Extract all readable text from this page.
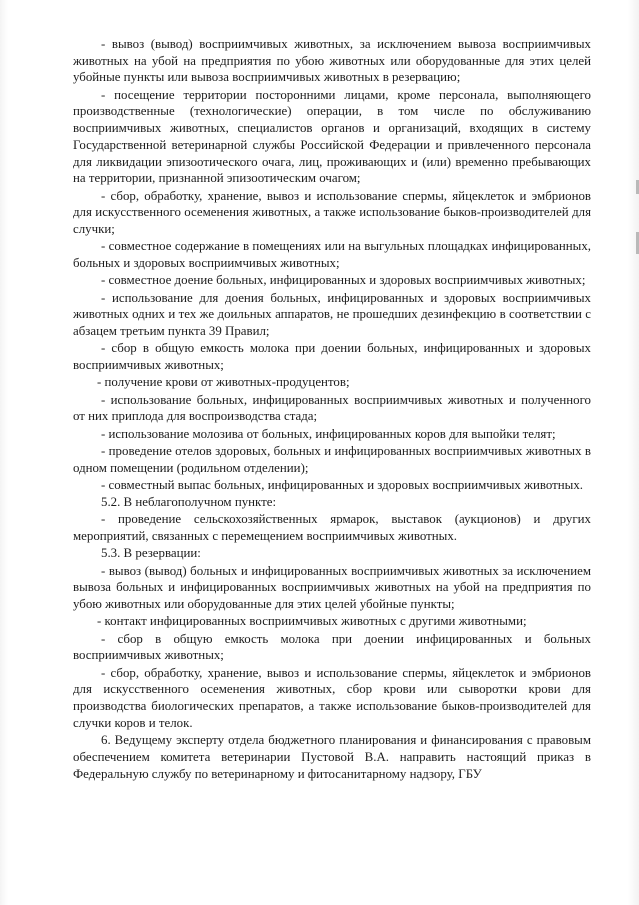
- вывоз (вывод) восприимчивых животных, за исключением вывоза восприимчивых животных на убой на предприятия по убою животных или оборудованные для этих целей убойные пункты или вывоза восприимчивых животных в резервацию;

- посещение территории посторонними лицами, кроме персонала, выполняющего производственные (технологические) операции, в том числе по обслуживанию восприимчивых животных, специалистов органов и организаций, входящих в систему Государственной ветеринарной службы Российской Федерации и привлеченного персонала для ликвидации эпизоотического очага, лиц, проживающих и (или) временно пребывающих на территории, признанной эпизоотическим очагом;

- сбор, обработку, хранение, вывоз и использование спермы, яйцеклеток и эмбрионов для искусственного осеменения животных, а также использование быков-производителей для случки;

- совместное содержание в помещениях или на выгульных площадках инфицированных, больных и здоровых восприимчивых животных;

- совместное доение больных, инфицированных и здоровых восприимчивых животных;

- использование для доения больных, инфицированных и здоровых восприимчивых животных одних и тех же доильных аппаратов, не прошедших дезинфекцию в соответствии с абзацем третьим пункта 39 Правил;

- сбор в общую емкость молока при доении больных, инфицированных и здоровых восприимчивых животных;

- получение крови от животных-продуцентов;

- использование больных, инфицированных восприимчивых животных и полученного от них приплода для воспроизводства стада;

- использование молозива от больных, инфицированных коров для выпойки телят;

- проведение отелов здоровых, больных и инфицированных восприимчивых животных в одном помещении (родильном отделении);

- совместный выпас больных, инфицированных и здоровых восприимчивых животных.

5.2. В неблагополучном пункте:

- проведение сельскохозяйственных ярмарок, выставок (аукционов) и других мероприятий, связанных с перемещением восприимчивых животных.

5.3. В резервации:

- вывоз (вывод) больных и инфицированных восприимчивых животных за исключением вывоза больных и инфицированных восприимчивых животных на убой на предприятия по убою животных или оборудованные для этих целей убойные пункты;

- контакт инфицированных восприимчивых животных с другими животными;

- сбор в общую емкость молока при доении инфицированных и больных восприимчивых животных;

- сбор, обработку, хранение, вывоз и использование спермы, яйцеклеток и эмбрионов для искусственного осеменения животных, сбор крови или сыворотки крови для производства биологических препаратов, а также использование быков-производителей для случки коров и телок.

6. Ведущему эксперту отдела бюджетного планирования и финансирования с правовым обеспечением комитета ветеринарии Пустовой В.А. направить настоящий приказ в Федеральную службу по ветеринарному и фитосанитарному надзору, ГБУ
